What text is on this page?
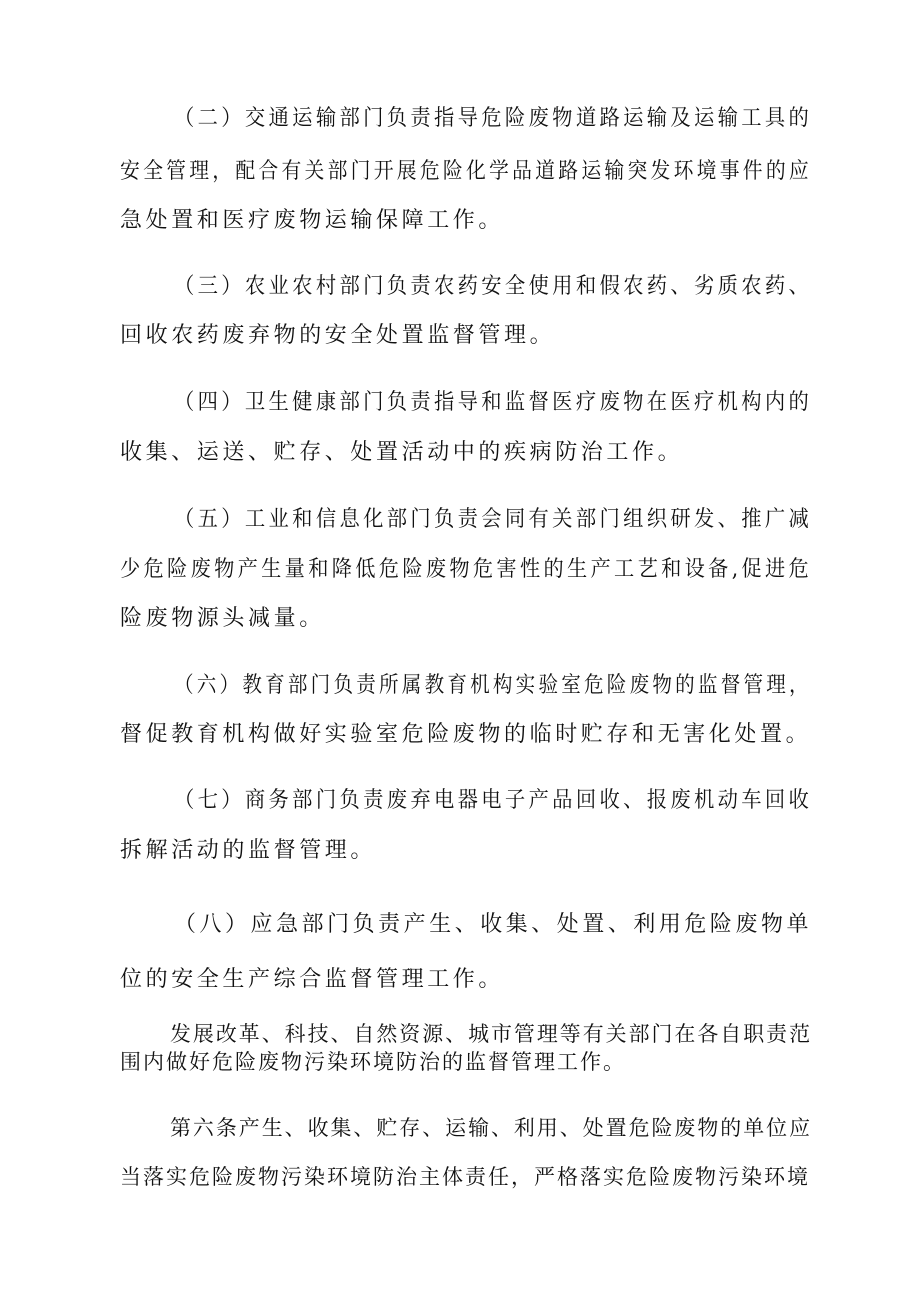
（二）交通运输部门负责指导危险废物道路运输及运输工具的
安全管理，配合有关部门开展危险化学品道路运输突发环境事件的应
急处置和医疗废物运输保障工作。
（三）农业农村部门负责农药安全使用和假农药、劣质农药、
回收农药废弃物的安全处置监督管理。
（四）卫生健康部门负责指导和监督医疗废物在医疗机构内的
收集、运送、贮存、处置活动中的疾病防治工作。
（五）工业和信息化部门负责会同有关部门组织研发、推广减
少危险废物产生量和降低危险废物危害性的生产工艺和设备,促进危
险废物源头减量。
（六）教育部门负责所属教育机构实验室危险废物的监督管理，
督促教育机构做好实验室危险废物的临时贮存和无害化处置。
（七）商务部门负责废弃电器电子产品回收、报废机动车回收
拆解活动的监督管理。
（八）应急部门负责产生、收集、处置、利用危险废物单
位的安全生产综合监督管理工作。
发展改革、科技、自然资源、城市管理等有关部门在各自职责范
围内做好危险废物污染环境防治的监督管理工作。
第六条产生、收集、贮存、运输、利用、处置危险废物的单位应
当落实危险废物污染环境防治主体责任，严格落实危险废物污染环境
